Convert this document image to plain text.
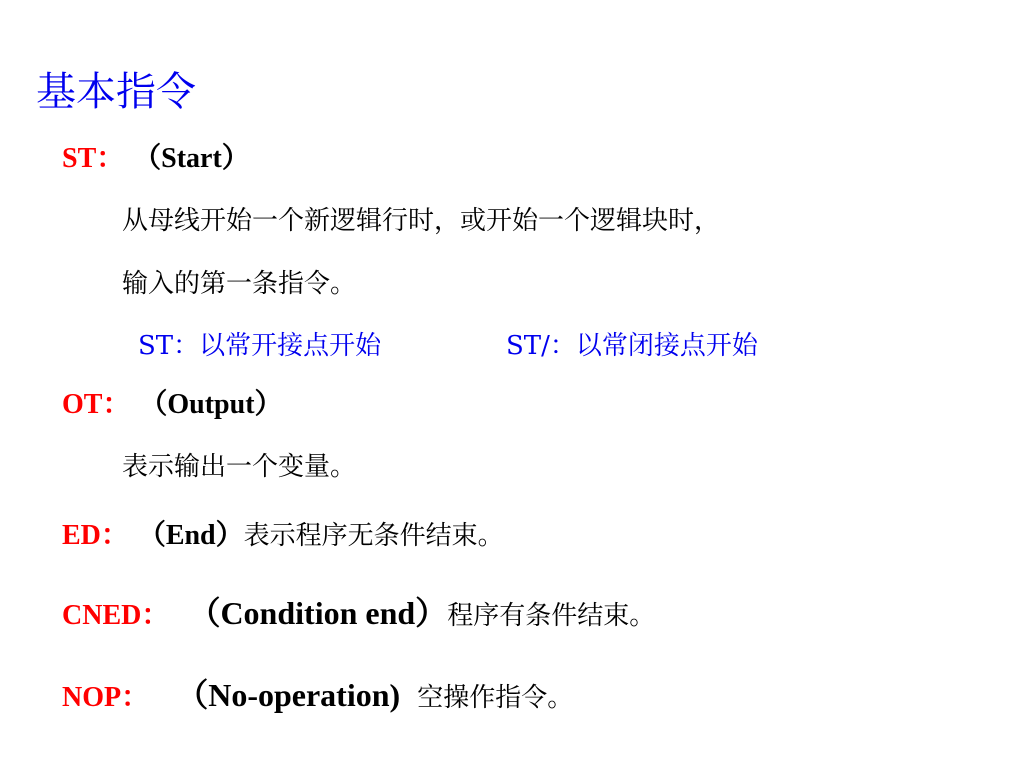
基本指令
ST： （Start）
从母线开始一个新逻辑行时，或开始一个逻辑块时，
输入的第一条指令。
ST：以常开接点开始	ST/：以常闭接点开始
OT： （Output）
表示输出一个变量。
ED： （End）表示程序无条件结束。
CNED： （Condition end）程序有条件结束。
NOP： （No-operation) 空操作指令。
